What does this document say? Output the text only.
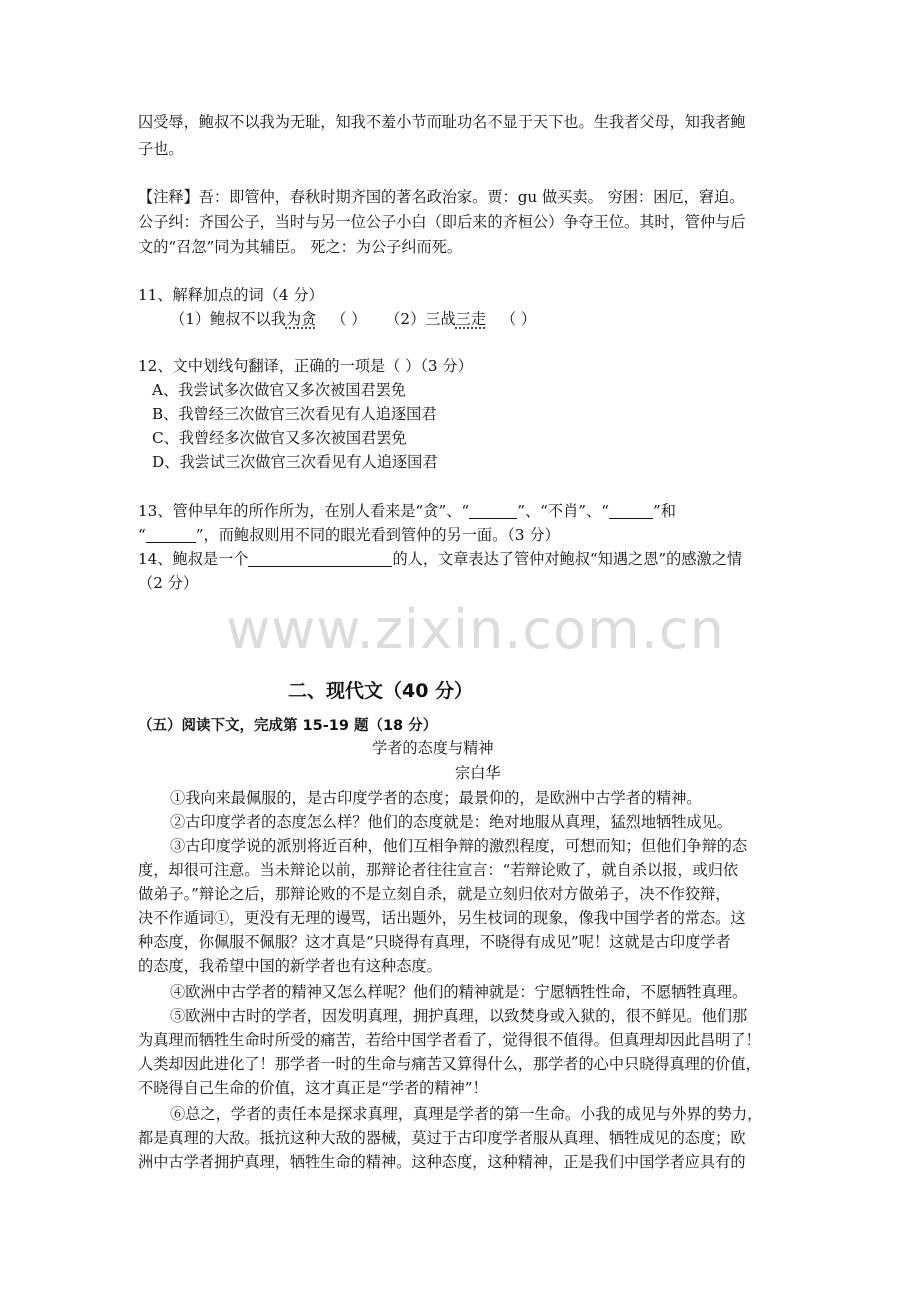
囚受辱，鲍叔不以我为无耻，知我不羞小节而耻功名不显于天下也。生我者父母，知我者鲍
子也。
【注释】吾：即管仲，春秋时期齐国的著名政治家。贾：gu 做买卖。 穷困：困厄，窘迫。
公子纠：齐国公子，当时与另一位公子小白（即后来的齐桓公）争夺王位。其时，管仲与后
文的“召忽”同为其辅臣。 死之：为公子纠而死。
11、解释加点的词（4 分）
（1）鲍叔不以我为贪 （ ） （2）三战三走 （ ）
12、文中划线句翻译，正确的一项是（ ）（3 分）
A、我尝试多次做官又多次被国君罢免
B、我曾经三次做官三次看见有人追逐国君
C、我曾经多次做官又多次被国君罢免
D、我尝试三次做官三次看见有人追逐国君
13、管仲早年的所作所为，在别人看来是“贪”、“	”、“不肖”、“	”和
“	”，而鲍叔则用不同的眼光看到管仲的另一面。（3 分）
14、鲍叔是一个	的人，文章表达了管仲对鲍叔“知遇之恩”的感激之情
（2 分）
www.zixin.com.cn
二、现代文（40 分）
（五）阅读下文，完成第 15-19 题（18 分）
学者的态度与精神
宗白华
①我向来最佩服的，是古印度学者的态度；最景仰的，是欧洲中古学者的精神。
②古印度学者的态度怎么样？他们的态度就是：绝对地服从真理，猛烈地牺牲成见。
③古印度学说的派别将近百种，他们互相争辩的激烈程度，可想而知；但他们争辩的态
度，却很可注意。当未辩论以前，那辩论者往往宣言：“若辩论败了，就自杀以报，或归依
做弟子。”辩论之后，那辩论败的不是立刻自杀，就是立刻归依对方做弟子，决不作狡辩，
决不作遁词①，更没有无理的谩骂，话出题外，另生枝词的现象，像我中国学者的常态。这
种态度，你佩服不佩服？这才真是“只晓得有真理，不晓得有成见”呢！这就是古印度学者
的态度，我希望中国的新学者也有这种态度。
④欧洲中古学者的精神又怎么样呢？他们的精神就是：宁愿牺牲性命，不愿牺牲真理。
⑤欧洲中古时的学者，因发明真理，拥护真理，以致焚身或入狱的，很不鲜见。他们那
为真理而牺牲生命时所受的痛苦，若给中国学者看了，觉得很不值得。但真理却因此昌明了！
人类却因此进化了！那学者一时的生命与痛苦又算得什么，那学者的心中只晓得真理的价值，
不晓得自己生命的价值，这才真正是“学者的精神”！
⑥总之，学者的责任本是探求真理，真理是学者的第一生命。小我的成见与外界的势力，
都是真理的大敌。抵抗这种大敌的器械，莫过于古印度学者服从真理、牺牲成见的态度；欧
洲中古学者拥护真理，牺牲生命的精神。这种态度，这种精神，正是我们中国学者应具有的
